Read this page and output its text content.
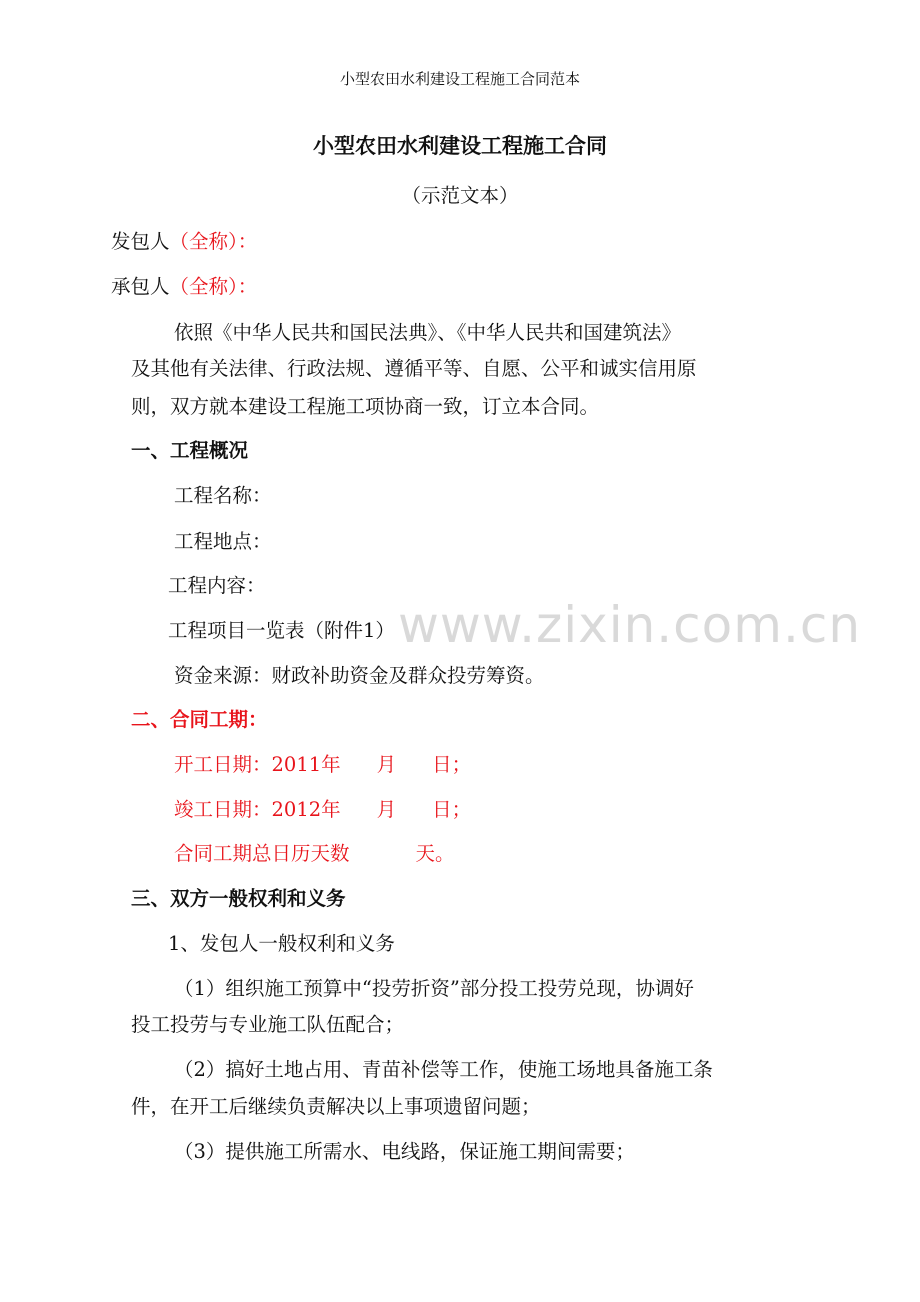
www.zixin.com.cn
小型农田水利建设工程施工合同范本
小型农田水利建设工程施工合同
（示范文本）
发包人（全称）：
承包人（全称）：
依照《中华人民共和国民法典》、《中华人民共和国建筑法》
及其他有关法律、行政法规、遵循平等、自愿、公平和诚实信用原
则，双方就本建设工程施工项协商一致，订立本合同。
一、工程概况
工程名称：
工程地点：
工程内容：
工程项目一览表（附件1）
资金来源：财政补助资金及群众投劳筹资。
二、合同工期：
开工日期：2011年 月 日；
竣工日期：2012年 月 日；
合同工期总日历天数	天。
三、双方一般权利和义务
1、发包人一般权利和义务
（1）组织施工预算中“投劳折资”部分投工投劳兑现，协调好
投工投劳与专业施工队伍配合；
（2）搞好土地占用、青苗补偿等工作，使施工场地具备施工条
件，在开工后继续负责解决以上事项遗留问题；
（3）提供施工所需水、电线路，保证施工期间需要；
